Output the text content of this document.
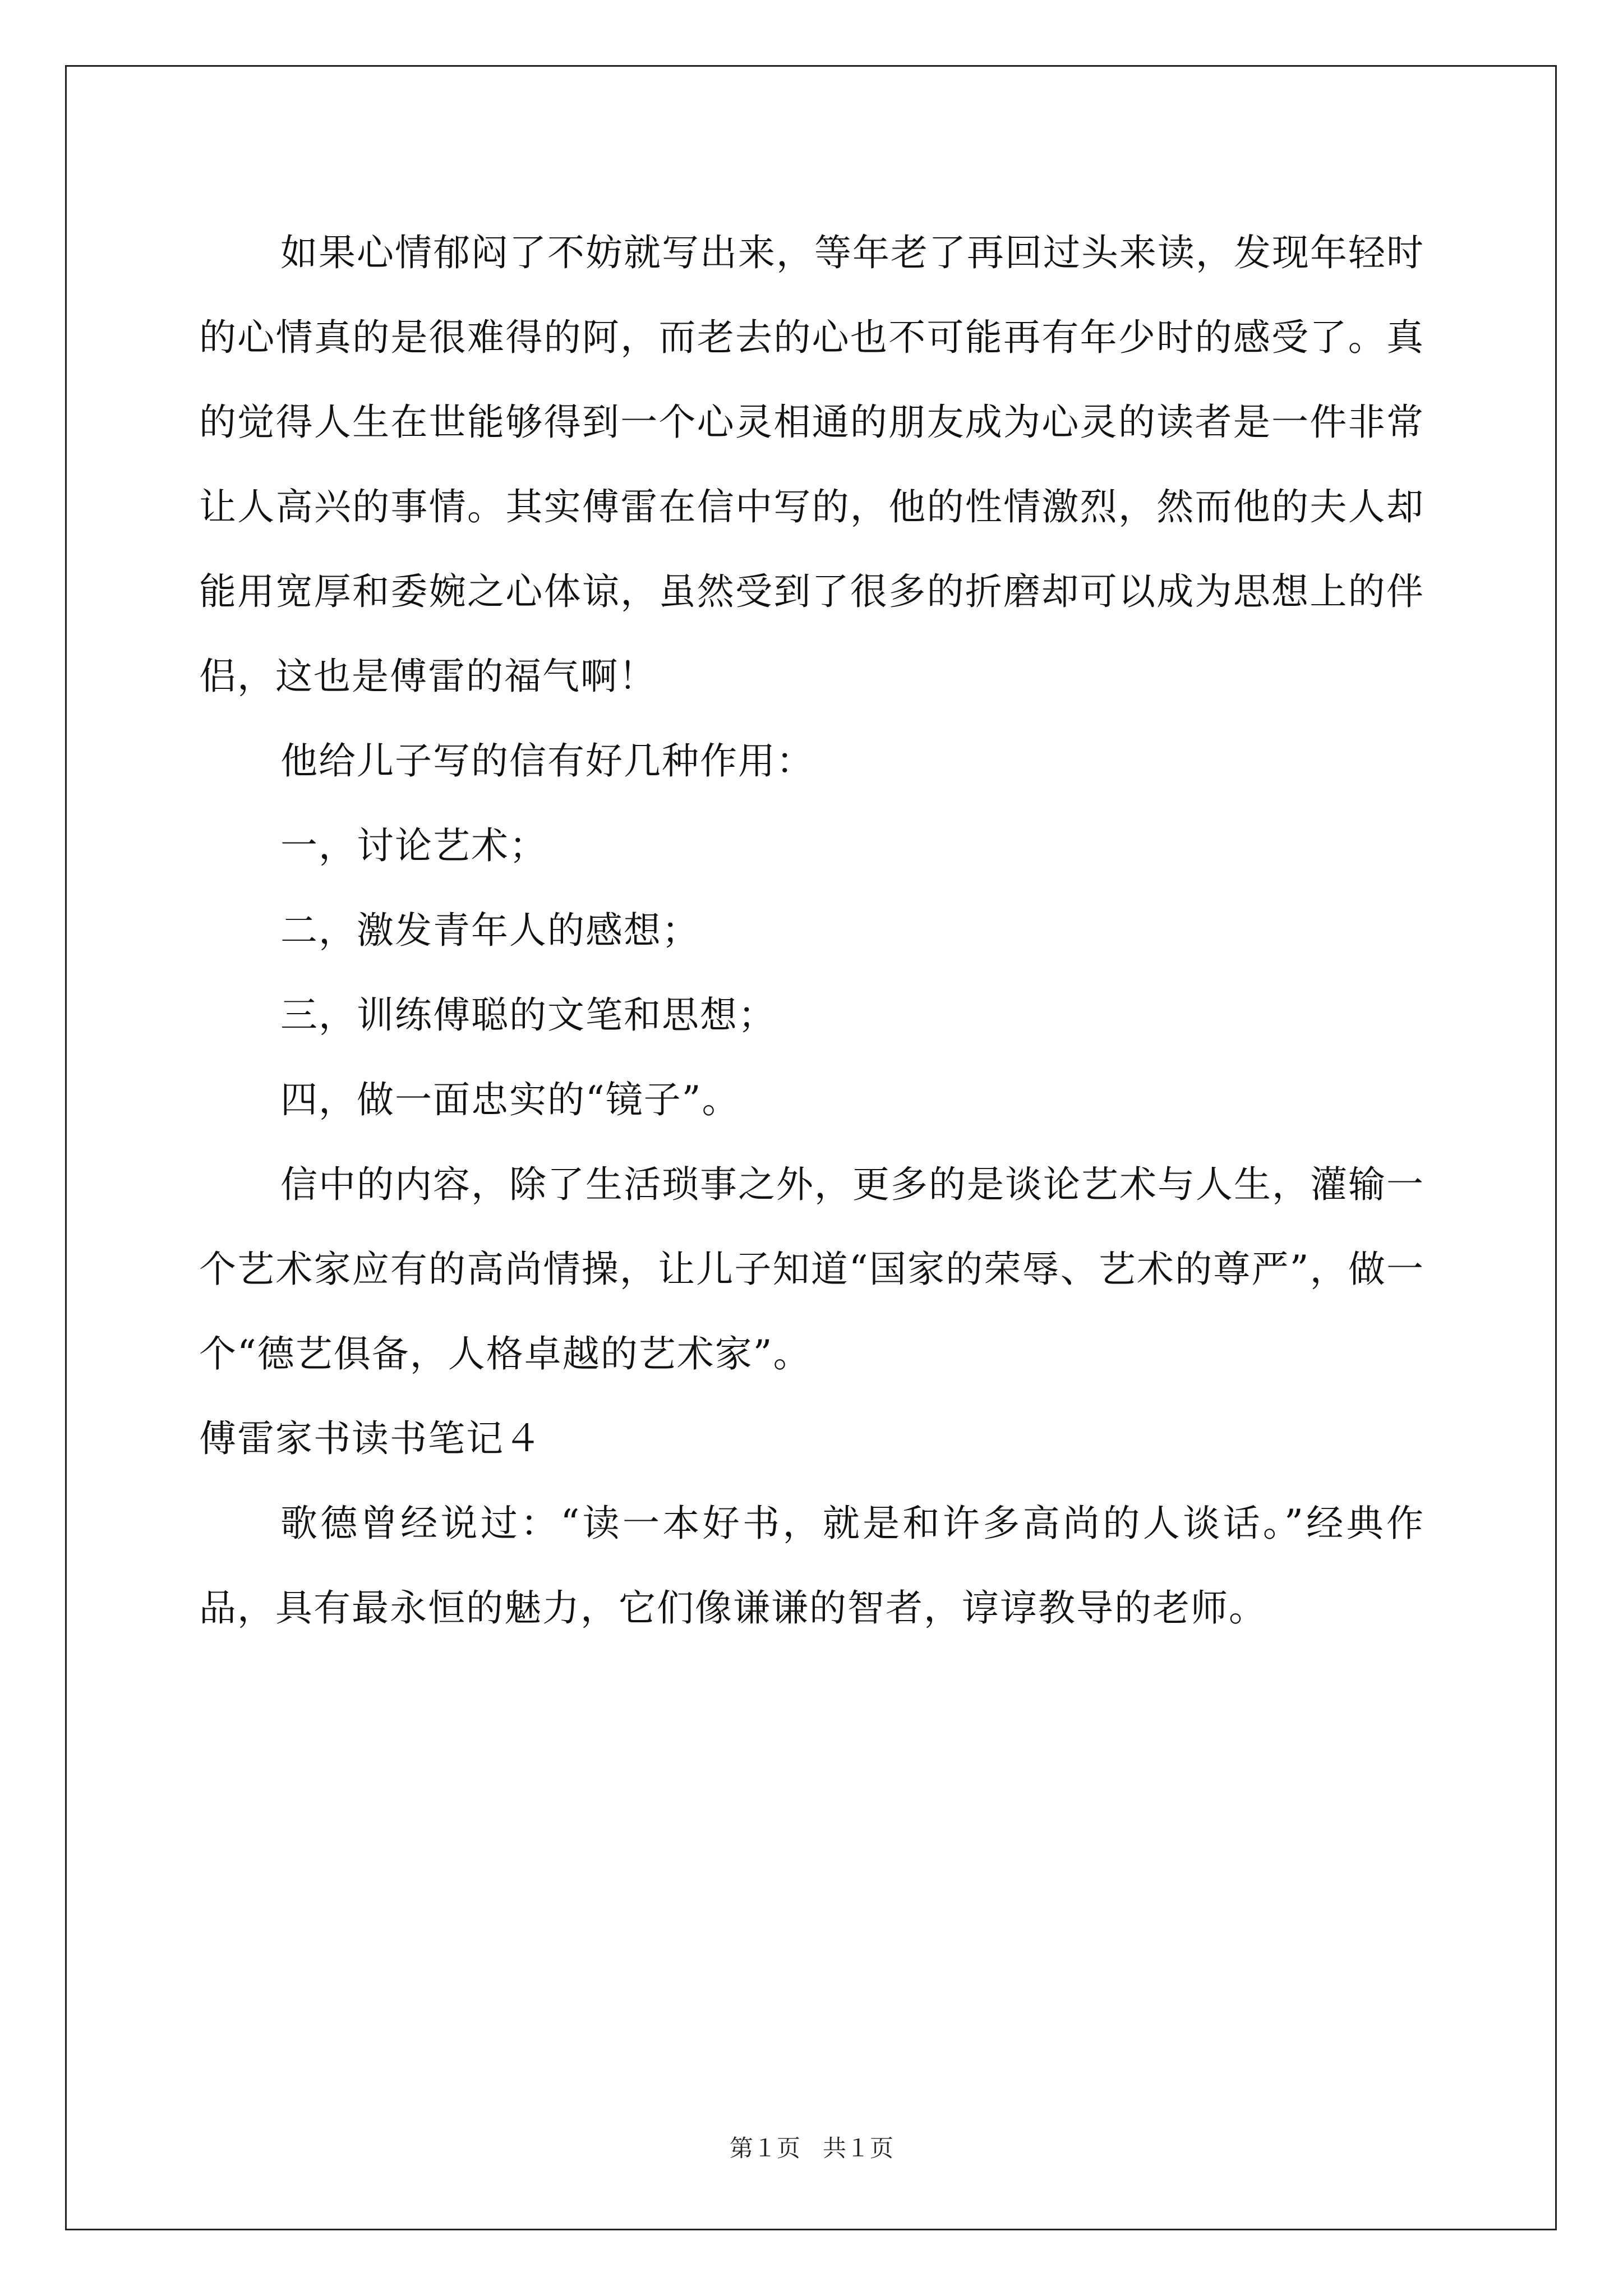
如果心情郁闷了不妨就写出来，等年老了再回过头来读，发现年轻时的心情真的是很难得的阿，而老去的心也不可能再有年少时的感受了。真的觉得人生在世能够得到一个心灵相通的朋友成为心灵的读者是一件非常让人高兴的事情。其实傅雷在信中写的，他的性情激烈，然而他的夫人却能用宽厚和委婉之心体谅，虽然受到了很多的折磨却可以成为思想上的伴侣，这也是傅雷的福气啊！

他给儿子写的信有好几种作用：

一，讨论艺术；

二，激发青年人的感想；

三，训练傅聪的文笔和思想；

四，做一面忠实的“镜子”。

信中的内容，除了生活琐事之外，更多的是谈论艺术与人生，灌输一个艺术家应有的高尚情操，让儿子知道“国家的荣辱、艺术的尊严”，做一个“德艺俱备，人格卓越的艺术家”。

傅雷家书读书笔记４

歌德曾经说过：“读一本好书，就是和许多高尚的人谈话。”经典作品，具有最永恒的魅力，它们像谦谦的智者，谆谆教导的老师。

第１页 共１页
